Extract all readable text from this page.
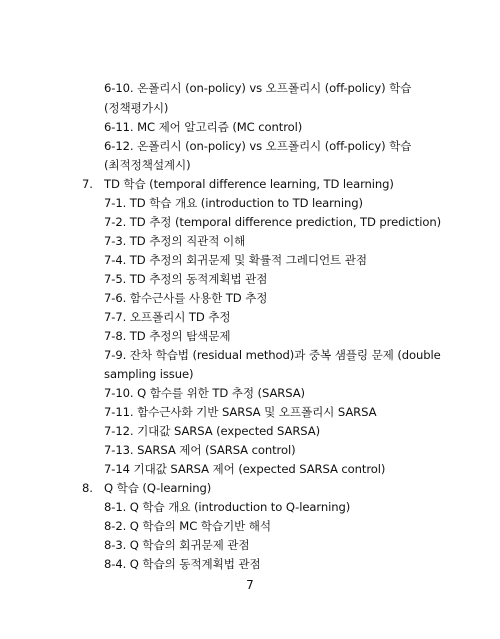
6-10. 온폴리시 (on-policy) vs 오프폴리시 (off-policy) 학습
(정책평가시)
6-11. MC 제어 알고리즘 (MC control)
6-12. 온폴리시 (on-policy) vs 오프폴리시 (off-policy) 학습
(최적정책설계시)
7. TD 학습 (temporal difference learning, TD learning)
7-1. TD 학습 개요 (introduction to TD learning)
7-2. TD 추정 (temporal difference prediction, TD prediction)
7-3. TD 추정의 직관적 이해
7-4. TD 추정의 회귀문제 및 확률적 그레디언트 관점
7-5. TD 추정의 동적계획법 관점
7-6. 함수근사를 사용한 TD 추정
7-7. 오프폴리시 TD 추정
7-8. TD 추정의 탐색문제
7-9. 잔차 학습법 (residual method)과 중복 샘플링 문제 (double
sampling issue)
7-10. Q 함수를 위한 TD 추정 (SARSA)
7-11. 함수근사화 기반 SARSA 및 오프폴리시 SARSA
7-12. 기대값 SARSA (expected SARSA)
7-13. SARSA 제어 (SARSA control)
7-14 기대값 SARSA 제어 (expected SARSA control)
8. Q 학습 (Q-learning)
8-1. Q 학습 개요 (introduction to Q-learning)
8-2. Q 학습의 MC 학습기반 해석
8-3. Q 학습의 회귀문제 관점
8-4. Q 학습의 동적계획법 관점
7
